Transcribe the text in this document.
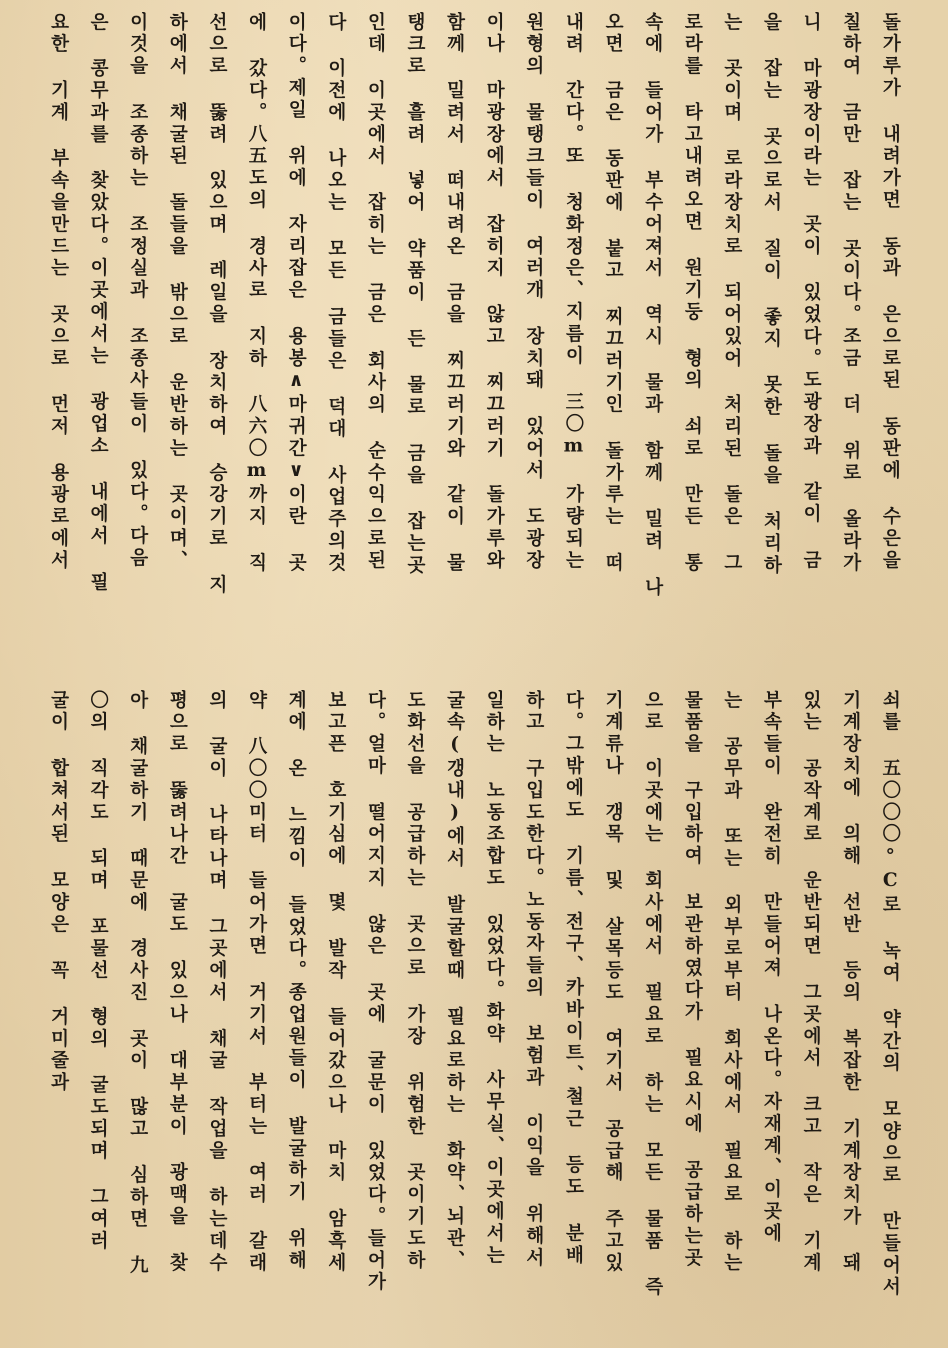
돌가루가 내려가면 동과 은으로된 동판에 수은을
칠하여 금만 잡는 곳이다。조금 더 위로 올라가
니 마광장이라는 곳이 있었다。도광장과 같이 금
을 잡는 곳으로서 질이 좋지 못한 돌을 처리하
는 곳이며 로라장치로 되어있어 처리된 돌은 그
로라를 타고내려오면 원기둥 형의 쇠로 만든 통
속에 들어가 부수어져서 역시 물과 함께 밀려 나
오면 금은 동판에 붙고 찌끄러기인 돌가루는 떠
내려 간다。또 청화정은、지름이 三〇m 가량되는
원형의 물탱크들이 여러개 장치돼 있어서 도광장
이나 마광장에서 잡히지 않고 찌끄러기 돌가루와
함께 밀려서 떠내려온 금을 찌끄러기와 같이 물
탱크로 흘려 넣어 약품이 든 물로 금을 잡는곳
인데 이곳에서 잡히는 금은 회사의 순수익으로된
다 이전에 나오는 모든 금들은 덕대 사업주의것
이다。제일 위에 자리잡은 용봉∧마귀간∨이란 곳
에 갔다。八五도의 경사로 지하 八六〇m까지 직
선으로 뚫려 있으며 레일을 장치하여 승강기로 지
하에서 채굴된 돌들을 밖으로 운반하는 곳이며、
이것을 조종하는 조정실과 조종사들이 있다。다음
은 콩무과를 찾았다。이곳에서는 광업소 내에서 필
요한 기계 부속을만드는 곳으로 먼저 용광로에서
쇠를 五〇〇〇°C로 녹여 약간의 모양으로 만들어서
기계장치에 의해 선반 등의 복잡한 기계장치가 돼
있는 공작계로 운반되면 그곳에서 크고 작은 기계
부속들이 완전히 만들어져 나온다。자재계、이곳에
는 공무과 또는 외부로부터 회사에서 필요로 하는
물품을 구입하여 보관하였다가 필요시에 공급하는곳
으로 이곳에는 회사에서 필요로 하는 모든 물품 즉
기계류나 갱목 및 살목등도 여기서 공급해 주고있
다。그밖에도 기름、전구、카바이트、철근 등도 분배
하고 구입도한다。노동자들의 보험과 이익을 위해서
일하는 노동조합도 있었다。화약 사무실、이곳에서는
굴속(갱내)에서 발굴할때 필요로하는 화약、뇌관、
도화선을 공급하는 곳으로 가장 위험한 곳이기도하
다。얼마 떨어지지 않은 곳에 굴문이 있었다。들어가
보고픈 호기심에 몇 발작 들어갔으나 마치 암흑세
계에 온 느낌이 들었다。종업원들이 발굴하기 위해
약 八〇〇미터 들어가면 거기서 부터는 여러 갈래
의 굴이 나타나며 그곳에서 채굴 작업을 하는데수
평으로 뚫려나간 굴도 있으나 대부분이 광맥을 찾
아 채굴하기 때문에 경사진 곳이 많고 심하면 九
〇의 직각도 되며 포물선 형의 굴도되며 그여러
굴이 합쳐서된 모양은 꼭 거미줄과
